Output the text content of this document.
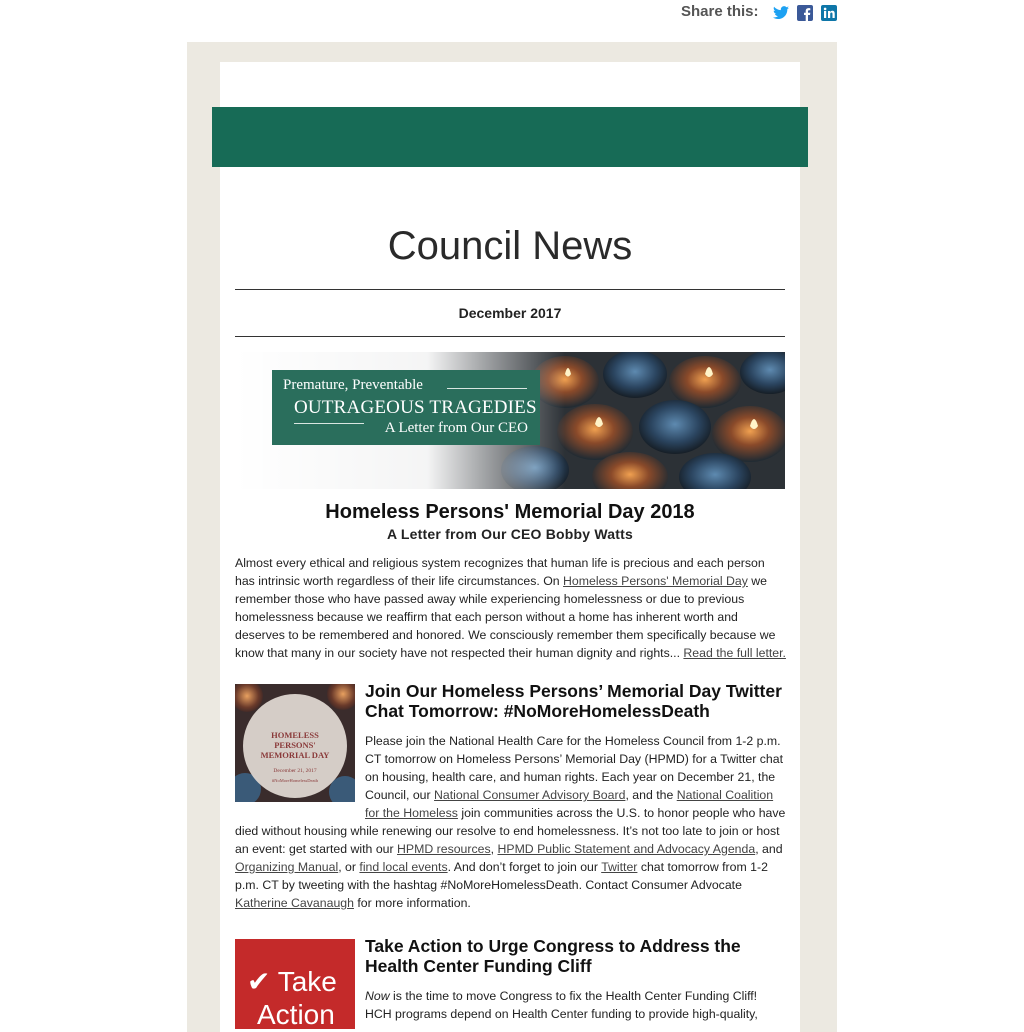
Share this:
Council News
December 2017
Premature, Preventable
OUTRAGEOUS TRAGEDIES
A Letter from Our CEO
Homeless Persons' Memorial Day 2018
A Letter from Our CEO Bobby Watts
Almost every ethical and religious system recognizes that human life is precious and each person has intrinsic worth regardless of their life circumstances. On Homeless Persons' Memorial Day we remember those who have passed away while experiencing homelessness or due to previous homelessness because we reaffirm that each person without a home has inherent worth and deserves to be remembered and honored. We consciously remember them specifically because we know that many in our society have not respected their human dignity and rights... Read the full letter.
HOMELESS
PERSONS'
MEMORIAL DAY
December 21, 2017
#NoMoreHomelessDeath
Join Our Homeless Persons’ Memorial Day Twitter Chat Tomorrow: #NoMoreHomelessDeath
Please join the National Health Care for the Homeless Council from 1-2 p.m. CT tomorrow on Homeless Persons’ Memorial Day (HPMD) for a Twitter chat on housing, health care, and human rights. Each year on December 21, the Council, our National Consumer Advisory Board, and the National Coalition for the Homeless join communities across the U.S. to honor people who have died without housing while renewing our resolve to end homelessness. It’s not too late to join or host an event: get started with our HPMD resources, HPMD Public Statement and Advocacy Agenda, and Organizing Manual, or find local events. And don’t forget to join our Twitter chat tomorrow from 1-2 p.m. CT by tweeting with the hashtag #NoMoreHomelessDeath. Contact Consumer Advocate Katherine Cavanaugh for more information.
✔ Take
Action
Take Action to Urge Congress to Address the Health Center Funding Cliff
Now is the time to move Congress to fix the Health Center Funding Cliff! HCH programs depend on Health Center funding to provide high-quality,
